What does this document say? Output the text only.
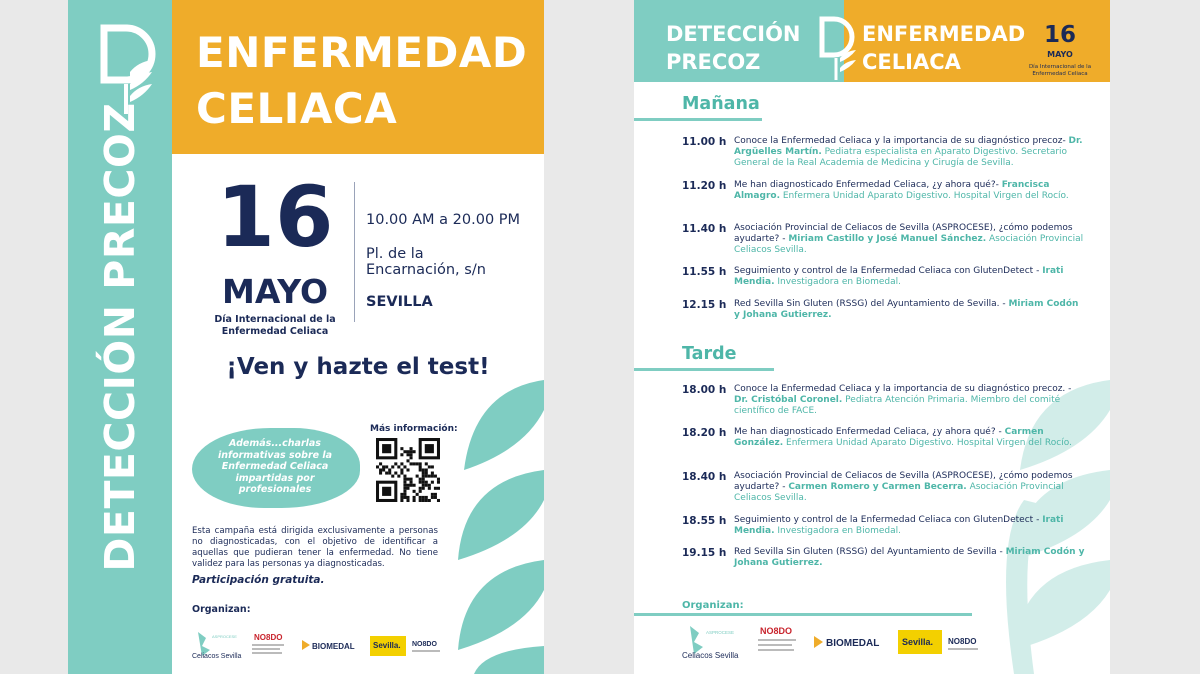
DETECCIÓN PRECOZ
ENFERMEDAD
CELIACA
16
MAYO
Día Internacional de la Enfermedad Celiaca
10.00 AM a 20.00 PM
Pl. de la
Encarnación, s/n
SEVILLA
¡Ven y hazte el test!
Además...charlas informativas sobre la Enfermedad Celiaca impartidas por profesionales
Más información:
Esta campaña está dirigida exclusivamente a personas no diagnosticadas, con el objetivo de identificar a aquellas que pudieran tener la enfermedad. No tiene validez para las personas ya diagnosticadas.
Participación gratuita.
Organizan:
ASPROCESE
Celiacos Sevilla
NO8DO
BIOMEDAL Sevilla. NO8DO
DETECCIÓN
PRECOZ
ENFERMEDAD
CELIACA
16
MAYO
Día Internacional de la Enfermedad Celiaca
Mañana
11.00 h Conoce la Enfermedad Celiaca y la importancia de su diagnóstico precoz- Dr. Argüelles Martín. Pediatra especialista en Aparato Digestivo. Secretario General de la Real Academia de Medicina y Cirugía de Sevilla.
11.20 h Me han diagnosticado Enfermedad Celiaca, ¿y ahora qué?- Francisca Almagro. Enfermera Unidad Aparato Digestivo. Hospital Virgen del Rocío.
11.40 h Asociación Provincial de Celiacos de Sevilla (ASPROCESE), ¿cómo podemos ayudarte? - Miriam Castillo y José Manuel Sánchez. Asociación Provincial Celiacos Sevilla.
11.55 h Seguimiento y control de la Enfermedad Celiaca con GlutenDetect - Irati Mendia. Investigadora en Biomedal.
12.15 h Red Sevilla Sin Gluten (RSSG) del Ayuntamiento de Sevilla. - Miriam Codón y Johana Gutierrez.
Tarde
18.00 h Conoce la Enfermedad Celiaca y la importancia de su diagnóstico precoz. - Dr. Cristóbal Coronel. Pediatra Atención Primaria. Miembro del comité científico de FACE.
18.20 h Me han diagnosticado Enfermedad Celiaca, ¿y ahora qué? - Carmen González. Enfermera Unidad Aparato Digestivo. Hospital Virgen del Rocío.
18.40 h Asociación Provincial de Celiacos de Sevilla (ASPROCESE), ¿cómo podemos ayudarte? - Carmen Romero y Carmen Becerra. Asociación Provincial Celiacos Sevilla.
18.55 h Seguimiento y control de la Enfermedad Celiaca con GlutenDetect - Irati Mendia. Investigadora en Biomedal.
19.15 h Red Sevilla Sin Gluten (RSSG) del Ayuntamiento de Sevilla - Miriam Codón y Johana Gutierrez.
Organizan:
ASPROCESE
Celiacos Sevilla
NO8DO
BIOMEDAL	Sevilla. NO8DO
